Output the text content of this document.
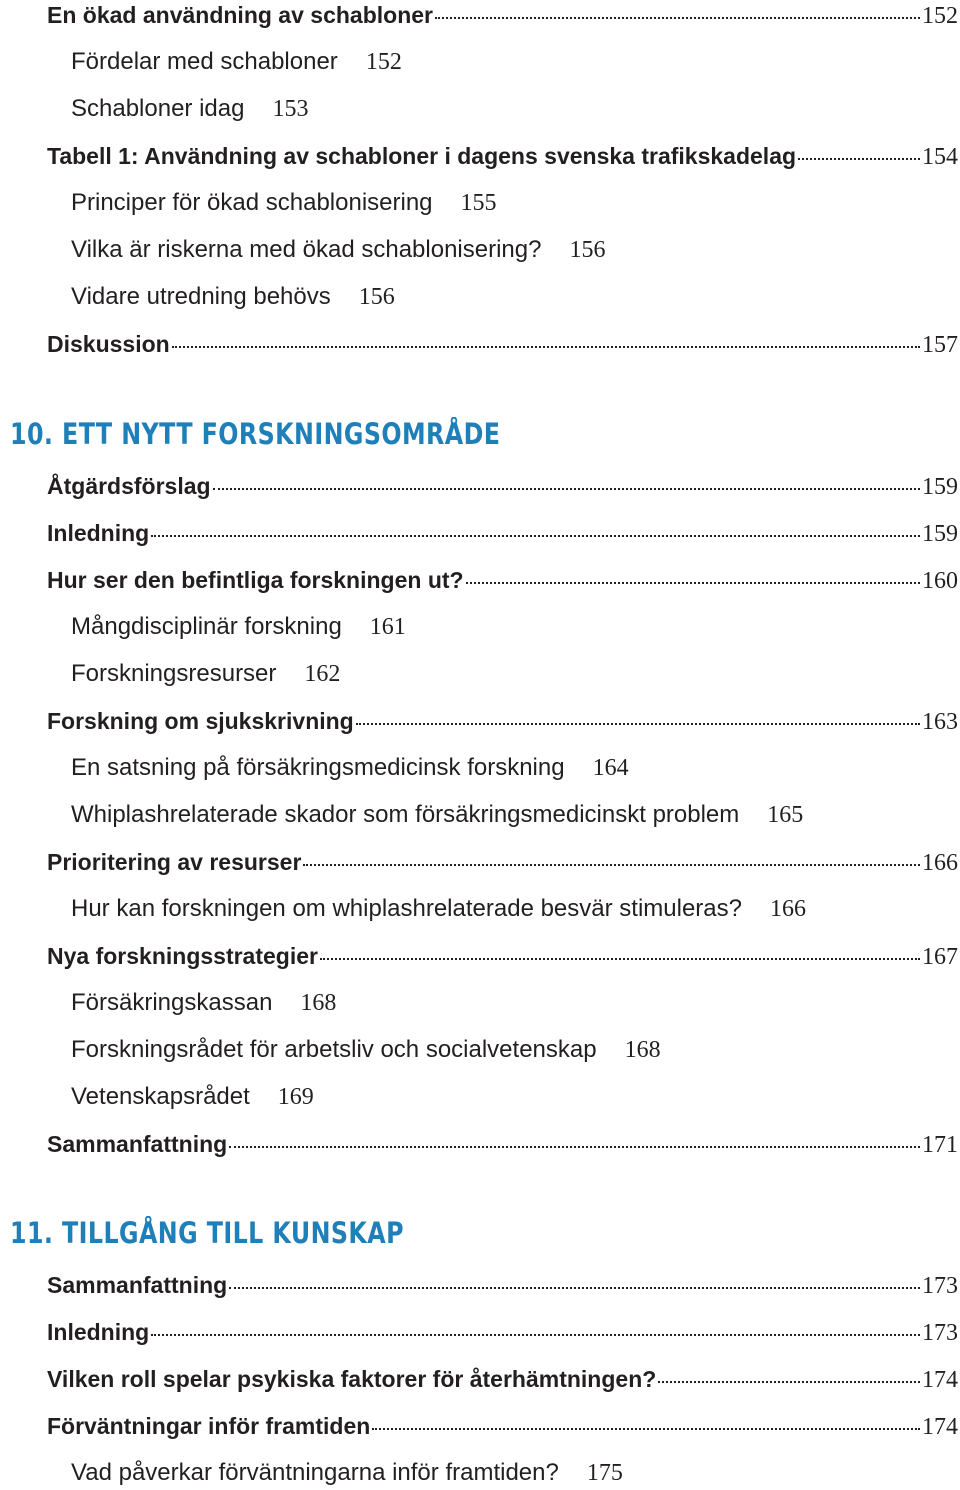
En ökad användning av schabloner	152
Fördelar med schabloner 152
Schabloner idag 153
Tabell 1: Användning av schabloner i dagens svenska trafikskadelag	154
Principer för ökad schablonisering 155
Vilka är riskerna med ökad schablonisering? 156
Vidare utredning behövs 156
Diskussion	157
10. ETT NYTT FORSKNINGSOMRÅDE
Åtgärdsförslag	159
Inledning	159
Hur ser den befintliga forskningen ut?	160
Mångdisciplinär forskning 161
Forskningsresurser 162
Forskning om sjukskrivning	163
En satsning på försäkringsmedicinsk forskning 164
Whiplashrelaterade skador som försäkringsmedicinskt problem 165
Prioritering av resurser	166
Hur kan forskningen om whiplashrelaterade besvär stimuleras? 166
Nya forskningsstrategier	167
Försäkringskassan 168
Forskningsrådet för arbetsliv och socialvetenskap 168
Vetenskapsrådet 169
Sammanfattning	171
11. TILLGÅNG TILL KUNSKAP
Sammanfattning	173
Inledning	173
Vilken roll spelar psykiska faktorer för återhämtningen?	174
Förväntningar inför framtiden	174
Vad påverkar förväntningarna inför framtiden? 175
